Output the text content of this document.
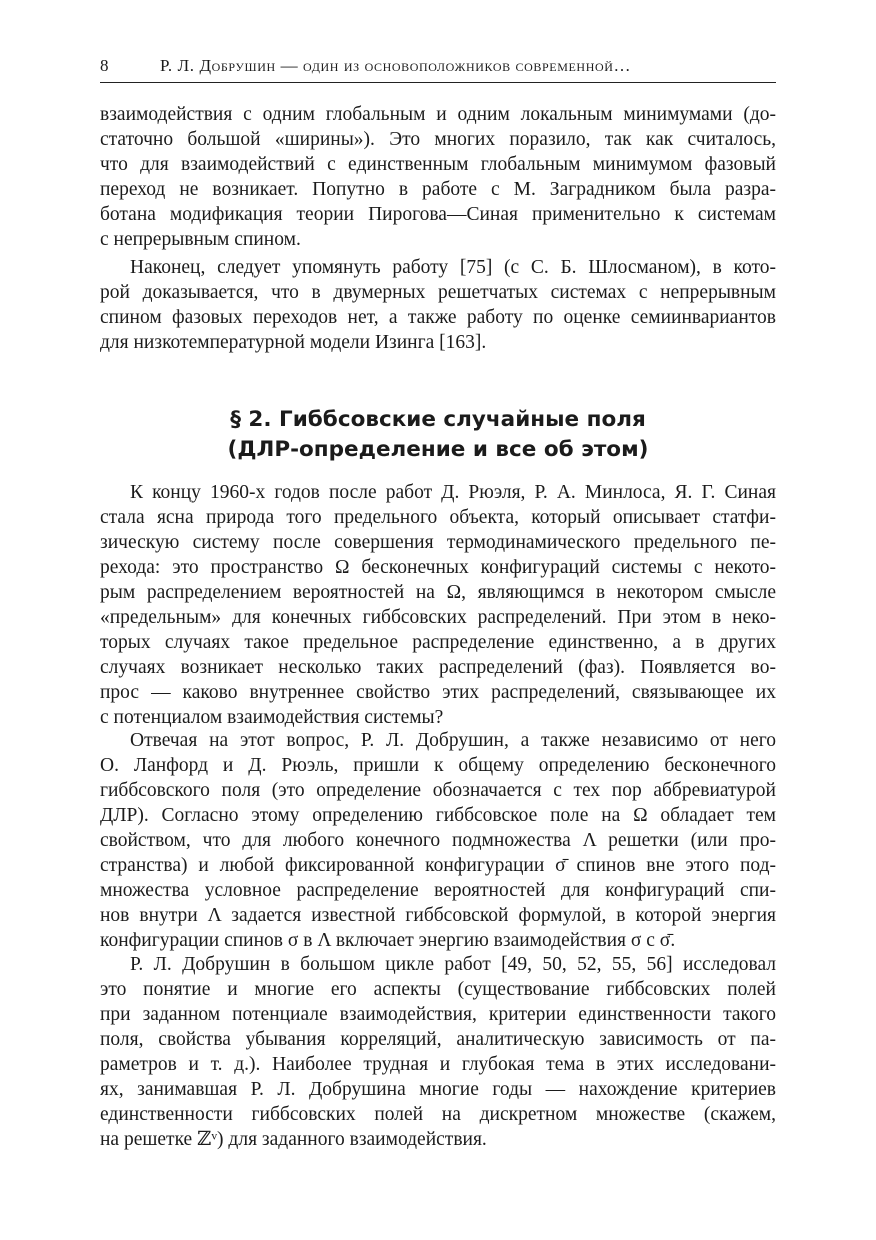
8	Р. Л. Добрушин — один из основоположников современной…
взаимодействия с одним глобальным и одним локальным минимумами (до-
статочно большой «ширины»). Это многих поразило, так как считалось,
что для взаимодействий с единственным глобальным минимумом фазовый
переход не возникает. Попутно в работе с М. Заградником была разра-
ботана модификация теории Пирогова—Синая применительно к системам
с непрерывным спином.
Наконец, следует упомянуть работу [75] (с С. Б. Шлосманом), в кото-
рой доказывается, что в двумерных решетчатых системах с непрерывным
спином фазовых переходов нет, а также работу по оценке семиинвариантов
для низкотемпературной модели Изинга [163].
§ 2. Гиббсовские случайные поля
(ДЛР-определение и все об этом)
К концу 1960-х годов после работ Д. Рюэля, Р. А. Минлоса, Я. Г. Синая
стала ясна природа того предельного объекта, который описывает статфи-
зическую систему после совершения термодинамического предельного пе-
рехода: это пространство Ω бесконечных конфигураций системы с некото-
рым распределением вероятностей на Ω, являющимся в некотором смысле
«предельным» для конечных гиббсовских распределений. При этом в неко-
торых случаях такое предельное распределение единственно, а в других
случаях возникает несколько таких распределений (фаз). Появляется во-
прос — каково внутреннее свойство этих распределений, связывающее их
с потенциалом взаимодействия системы?
Отвечая на этот вопрос, Р. Л. Добрушин, а также независимо от него
О. Ланфорд и Д. Рюэль, пришли к общему определению бесконечного
гиббсовского поля (это определение обозначается с тех пор аббревиатурой
ДЛР). Согласно этому определению гиббсовское поле на Ω обладает тем
свойством, что для любого конечного подмножества Λ решетки (или про-
странства) и любой фиксированной конфигурации σ̄ спинов вне этого под-
множества условное распределение вероятностей для конфигураций спи-
нов внутри Λ задается известной гиббсовской формулой, в которой энергия
конфигурации спинов σ в Λ включает энергию взаимодействия σ с σ̄.
Р. Л. Добрушин в большом цикле работ [49, 50, 52, 55, 56] исследовал
это понятие и многие его аспекты (существование гиббсовских полей
при заданном потенциале взаимодействия, критерии единственности такого
поля, свойства убывания корреляций, аналитическую зависимость от па-
раметров и т. д.). Наиболее трудная и глубокая тема в этих исследовани-
ях, занимавшая Р. Л. Добрушина многие годы — нахождение критериев
единственности гиббсовских полей на дискретном множестве (скажем,
на решетке ℤᵛ) для заданного взаимодействия.
